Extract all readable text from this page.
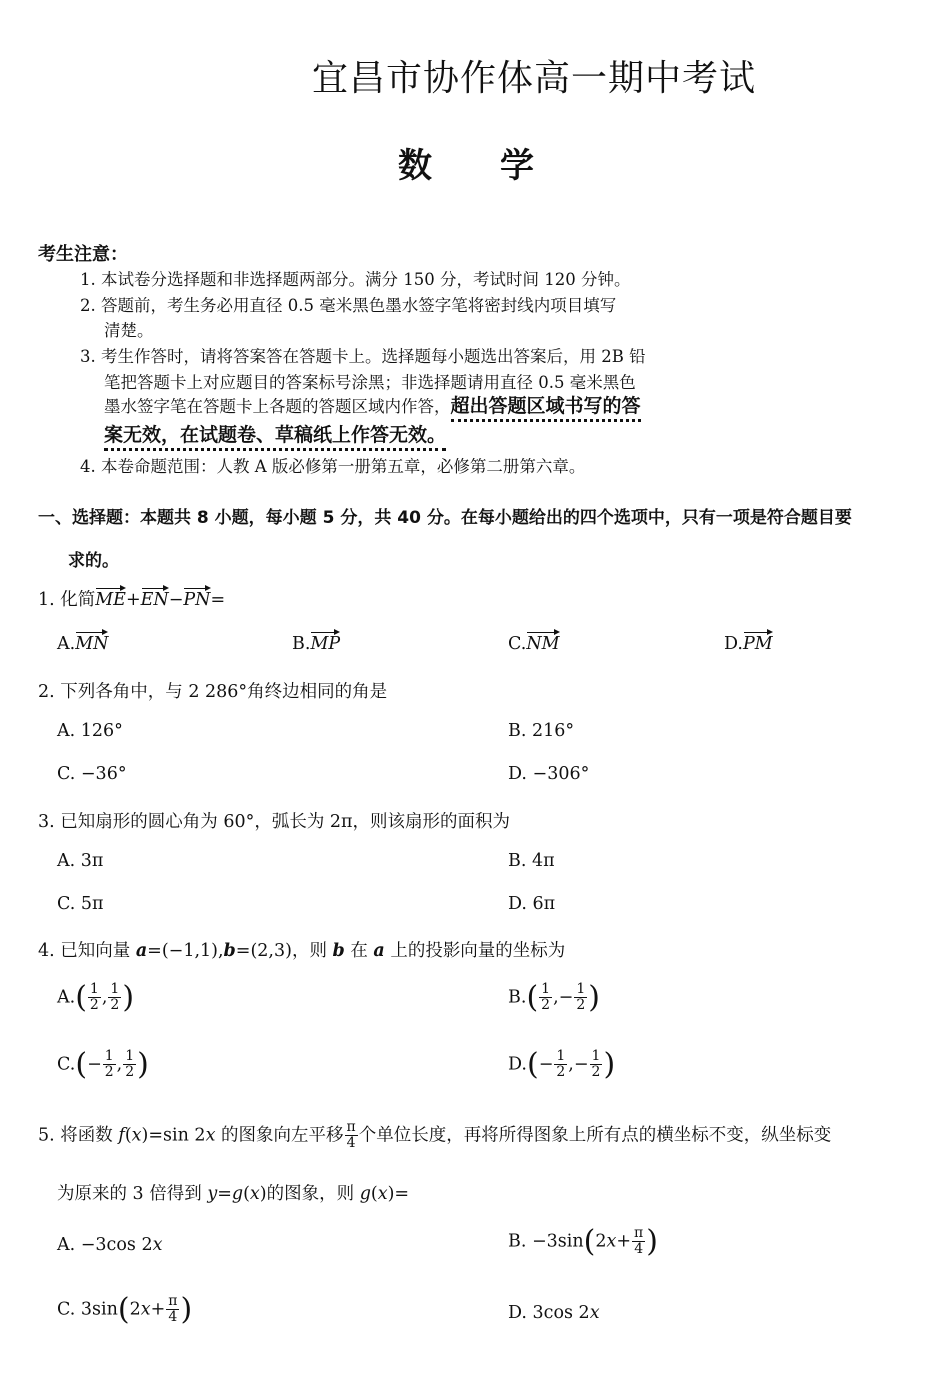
宜昌市协作体高一期中考试
数　　学
考生注意：
1. 本试卷分选择题和非选择题两部分。满分 150 分，考试时间 120 分钟。
2. 答题前，考生务必用直径 0.5 毫米黑色墨水签字笔将密封线内项目填写
清楚。
3. 考生作答时，请将答案答在答题卡上。选择题每小题选出答案后，用 2B 铅
笔把答题卡上对应题目的答案标号涂黑；非选择题请用直径 0.5 毫米黑色
墨水签字笔在答题卡上各题的答题区域内作答，超出答题区域书写的答
案无效，在试题卷、草稿纸上作答无效。
4. 本卷命题范围：人教 A 版必修第一册第五章，必修第二册第六章。
一、选择题：本题共 8 小题，每小题 5 分，共 40 分。在每小题给出的四个选项中，只有一项是符合题目要
求的。
1. 化简ME+EN−PN=
A.MN	B.MP	C.NM	D.PM
2. 下列各角中，与 2 286°角终边相同的角是
A. 126°	B. 216°
C. −36°	D. −306°
3. 已知扇形的圆心角为 60°，弧长为 2π，则该扇形的面积为
A. 3π	B. 4π
C. 5π	D. 6π
4. 已知向量 a=(−1,1),b=(2,3)，则 b 在 a 上的投影向量的坐标为
$A.( \frac{1}{2}$ , $\frac{1}{2}$ )	$B.( \frac{1}{2}$ ,− $\frac{1}{2}$ )
$C.(- \frac{1}{2}$ , $\frac{1}{2}$ )	$D.(- \frac{1}{2}$ ,− $\frac{1}{2}$ )
5. 将函数 f(x)=sin 2x 的图象向左平移 $\frac{\pi}{4}$ 个单位长度，再将所得图象上所有点的横坐标不变，纵坐标变
为原来的 3 倍得到 y=g(x)的图象，则 g(x)=
A. −3cos 2x	B. $-3\sin(2x+ \frac{\pi}{4}$ )
C. $3\sin(2x+ \frac{\pi}{4}$ )	D. 3cos 2x
